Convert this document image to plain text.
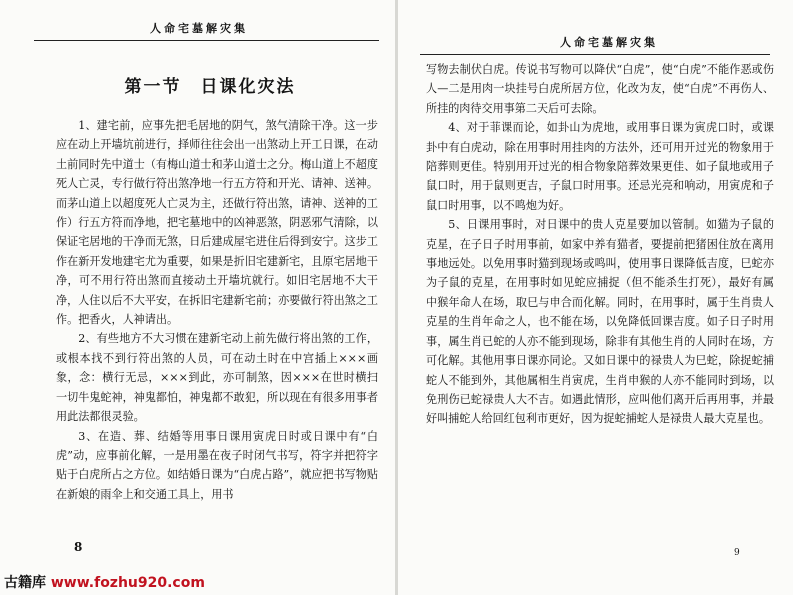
人命宅墓解灾集
第一节　日课化灾法

1、建宅前，应事先把毛居地的阴气，煞气清除干净。这一步应在动上开墙坑前进行，择师往往会出一出煞动上开工日课，在动土前同时先中道士（有梅山道士和茅山道士之分。梅山道上不超度死人亡灵，专行做行符出煞净地一行五方符和开光、请神、送神。而茅山道上以超度死人亡灵为主，还做行符出煞，请神、送神的工作）行五方符而净地，把宅墓地中的凶神恶煞，阴恶邪气清除，以保证宅居地的干净而无煞，日后建成屋宅进住后得到安宁。这步工作在新开发地建宅尤为重要，如果是折旧宅建新宅，且原宅居地干净，可不用行符出煞而直接动土开墙坑就行。如旧宅居地不大干净，人住以后不大平安，在拆旧宅建新宅前；亦要做行符出煞之工作。把香火，人神请出。

2、有些地方不大习惯在建新宅动上前先做行将出煞的工作，或根本找不到行符出煞的人员，可在动土时在中宫插上×××画象，念：横行无忌，×××到此，亦可制煞，因×××在世时横扫一切牛鬼蛇神，神鬼都怕，神鬼都不敢犯，所以现在有很多用事者用此法都很灵验。

3、在造、葬、结婚等用事日课用寅虎日时或日课中有“白虎”动，应事前化解，一是用墨在夜子时闭气书写，符字并把符字贴于白虎所占之方位。如结婚日课为“白虎占路”，就应把书写物贴在新娘的雨伞上和交通工具上，用书

8
人命宅墓解灾集

写物去制伏白虎。传说书写物可以降伏“白虎”，使“白虎”不能作恶或伤人—二是用肉一块挂号白虎所居方位，化改为友，使“白虎”不再伤人、所挂的肉待交用事第二天后可去除。

4、对于菲课而论，如卦山为虎地，或用事日课为寅虎口时，或课卦中有白虎动，除在用事时用挂肉的方法外，还可用开过光的物象用于陪葬则更佳。特别用开过光的相合物象陪葬效果更佳、如子鼠地或用子鼠口时，用于鼠则更吉，子鼠口时用事。还忌光亮和响动，用寅虎和子鼠口时用事，以不鸣炮为好。

5、日课用事时，对日课中的贵人克星要加以管制。如猫为子鼠的克星，在子日子时用事前，如家中养有猫者，要提前把猪困住放在离用事地远处。以免用事时猫到现场或鸣叫，使用事日课降低吉度，巳蛇亦为子鼠的克星，在用事时如见蛇应捕捉（但不能杀生打死），最好有属中猴年命人在场，取巳与申合而化解。同时，在用事时，属于生肖贵人克星的生肖年命之人，也不能在场，以免降低回课吉度。如子日子时用事，属生肖已蛇的人亦不能到现场，除非有其他生肖的人同时在场，方可化解。其他用事日课亦同论。又如日课中的禄贵人为巳蛇，除捉蛇捕蛇人不能到外，其他属相生肖寅虎，生肖申猴的人亦不能同时到场，以免刑伤已蛇禄贵人大不吉。如遇此情形，应叫他们离开后再用事，并最好叫捕蛇人给回红包利市更好，因为捉蛇捕蛇人是禄贵人最大克星也。

9
古籍库 www.fozhu920.com
